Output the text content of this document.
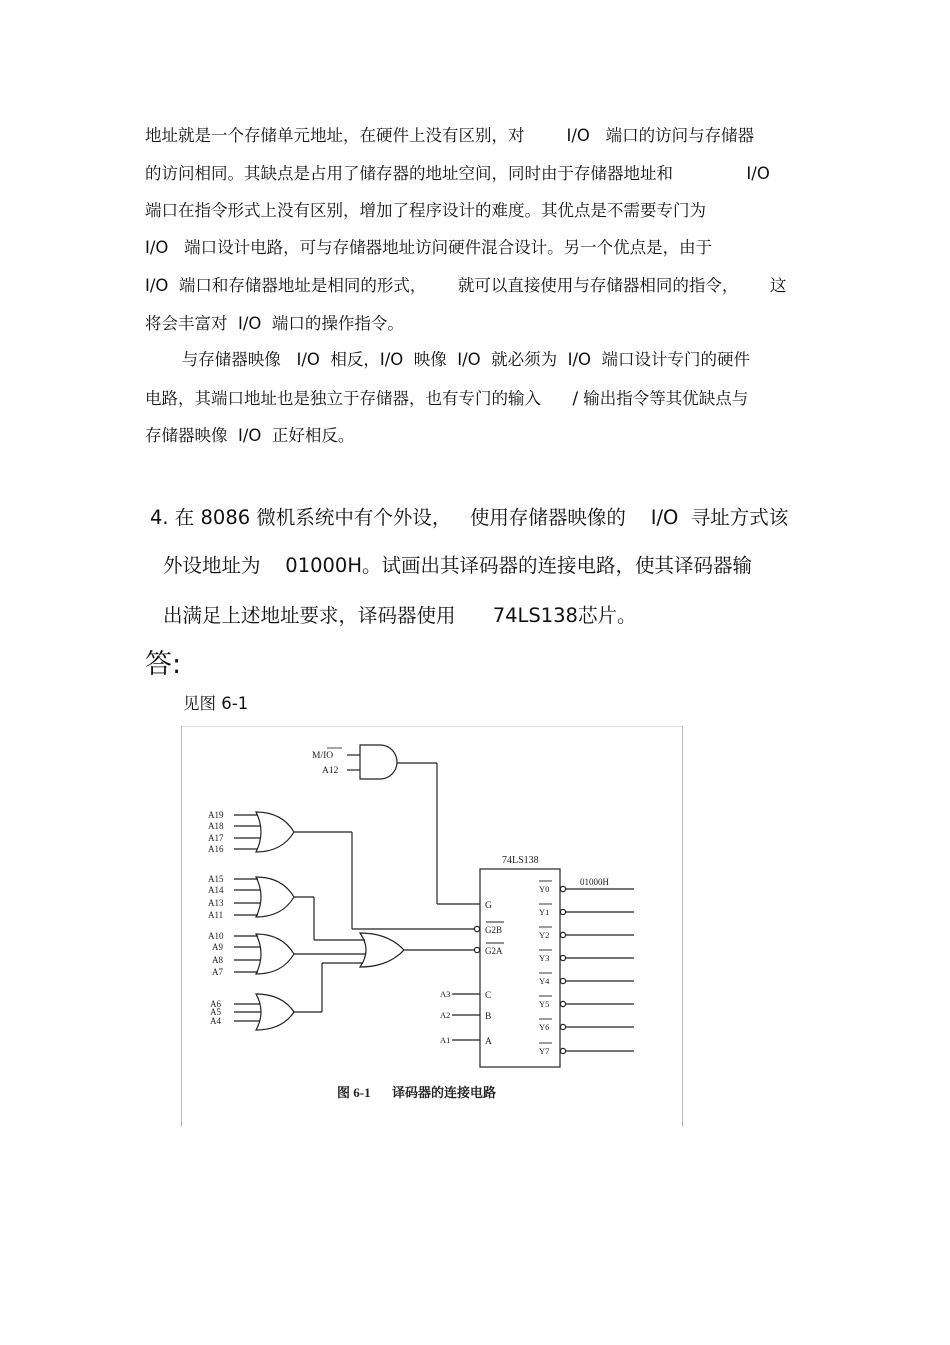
地址就是一个存储单元地址，在硬件上没有区别，对        I/O   端口的访问与存储器
的访问相同。其缺点是占用了储存器的地址空间，同时由于存储器地址和              I/O
端口在指令形式上没有区别，增加了程序设计的难度。其优点是不需要专门为
I/O   端口设计电路，可与存储器地址访问硬件混合设计。另一个优点是，由于
I/O  端口和存储器地址是相同的形式，      就可以直接使用与存储器相同的指令，      这
将会丰富对  I/O  端口的操作指令。
与存储器映像   I/O  相反，I/O  映像  I/O  就必须为  I/O  端口设计专门的硬件
电路，其端口地址也是独立于存储器，也有专门的输入      / 输出指令等其优缺点与
存储器映像  I/O  正好相反。
4. 在 8086 微机系统中有个外设，   使用存储器映像的    I/O  寻址方式该
外设地址为    01000H。试画出其译码器的连接电路，使其译码器输
出满足上述地址要求，译码器使用      74LS138芯片。
答:
见图 6-1
M/IO
A12
A19
A18
A17
A16
A15
A14
A13
A11
A10
A9
A8
A7
A6
A5
A4
74LS138
G
G2B
G2A
C
B
A
A3
A2
A1
Y0
Y1
Y2
Y3
Y4
Y5
Y6
Y7
01000H
图 6-1 译码器的连接电路
